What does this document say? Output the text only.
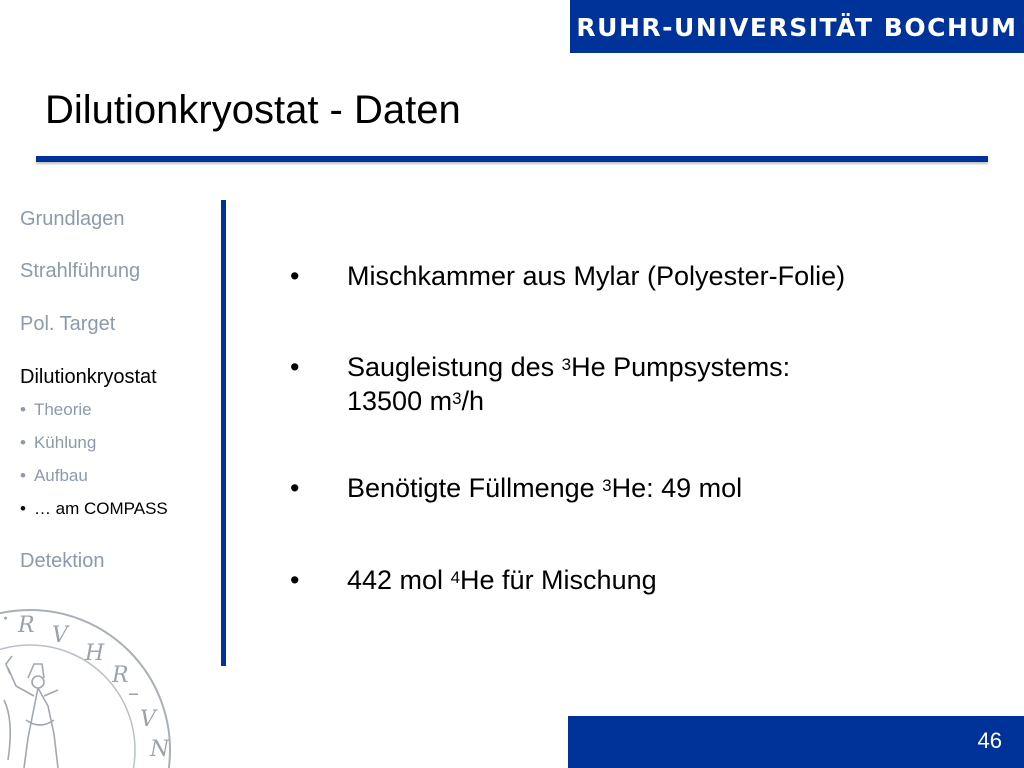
RUHR-UNIVERSITÄT BOCHUM
Dilutionkryostat - Daten
Grundlagen
Strahlführung
Pol. Target
Dilutionkryostat
• Theorie
• Kühlung
• Aufbau
• … am COMPASS
Detektion
• Mischkammer aus Mylar (Polyester-Folie)
• Saugleistung des $^3$He Pumpsystems:
13500 $m^3/h$
• Benötigte Füllmenge $^3$He: 49 mol
• 442 mol $^4$He für Mischung
· R V
H
R
–
V
N	46
